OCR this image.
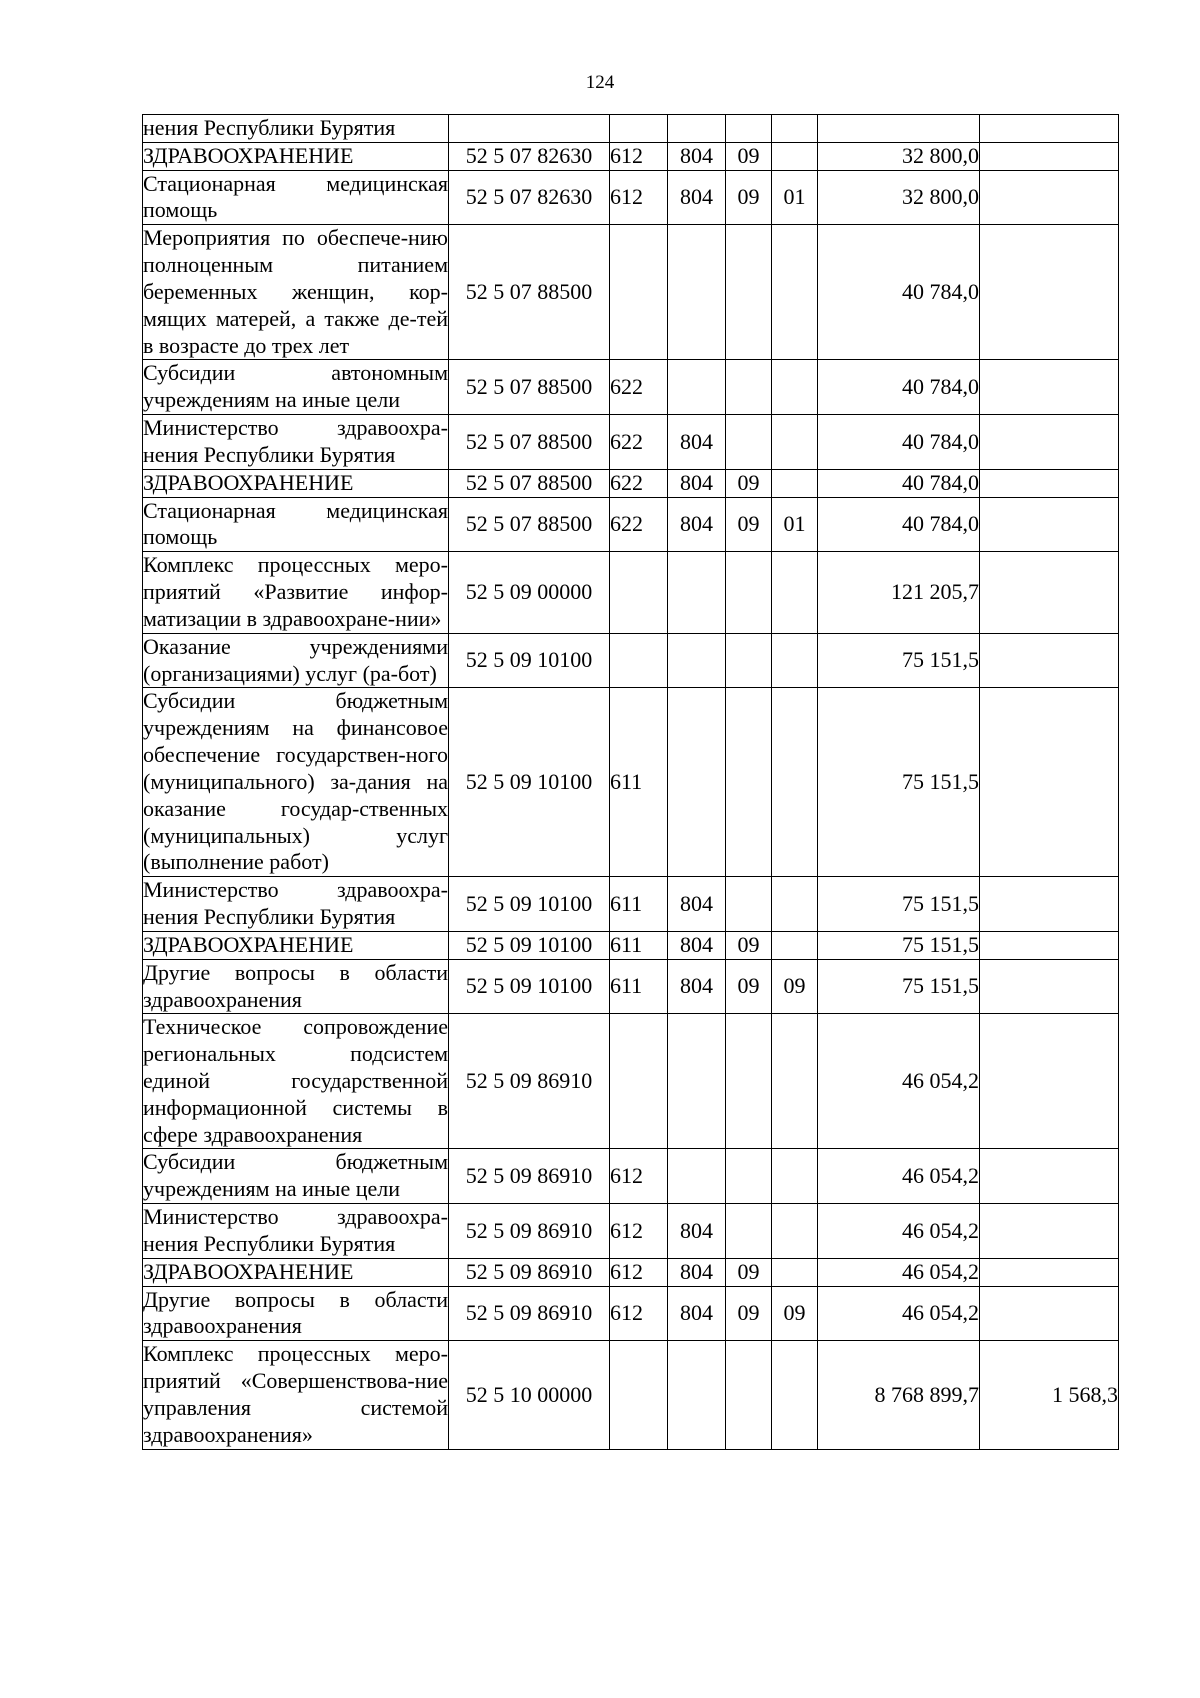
124
нения Республики Бурятия							
ЗДРАВООХРАНЕНИЕ	52 5 07 82630	612	804	09		32 800,0	
Стационарная медицинская помощь	52 5 07 82630	612	804	09	01	32 800,0	
Мероприятия по обеспече-нию полноценным питанием беременных женщин, кор-мящих матерей, а также де-тей в возрасте до трех лет	52 5 07 88500					40 784,0	
Субсидии автономным учреждениям на иные цели	52 5 07 88500	622				40 784,0	
Министерство здравоохра-нения Республики Бурятия	52 5 07 88500	622	804			40 784,0	
ЗДРАВООХРАНЕНИЕ	52 5 07 88500	622	804	09		40 784,0	
Стационарная медицинская помощь	52 5 07 88500	622	804	09	01	40 784,0	
Комплекс процессных меро-приятий «Развитие инфор-матизации в здравоохране-нии»	52 5 09 00000					121 205,7	
Оказание учреждениями (организациями) услуг (ра-бот)	52 5 09 10100					75 151,5	
Субсидии бюджетным учреждениям на финансовое обеспечение государствен-ного (муниципального) за-дания на оказание государ-ственных (муниципальных) услуг (выполнение работ)	52 5 09 10100	611				75 151,5	
Министерство здравоохра-нения Республики Бурятия	52 5 09 10100	611	804			75 151,5	
ЗДРАВООХРАНЕНИЕ	52 5 09 10100	611	804	09		75 151,5	
Другие вопросы в области здравоохранения	52 5 09 10100	611	804	09	09	75 151,5	
Техническое сопровождение региональных подсистем единой государственной информационной системы в сфере здравоохранения	52 5 09 86910					46 054,2	
Субсидии бюджетным учреждениям на иные цели	52 5 09 86910	612				46 054,2	
Министерство здравоохра-нения Республики Бурятия	52 5 09 86910	612	804			46 054,2	
ЗДРАВООХРАНЕНИЕ	52 5 09 86910	612	804	09		46 054,2	
Другие вопросы в области здравоохранения	52 5 09 86910	612	804	09	09	46 054,2	
Комплекс процессных меро-приятий «Совершенствова-ние управления системой здравоохранения»	52 5 10 00000					8 768 899,7	1 568,3
